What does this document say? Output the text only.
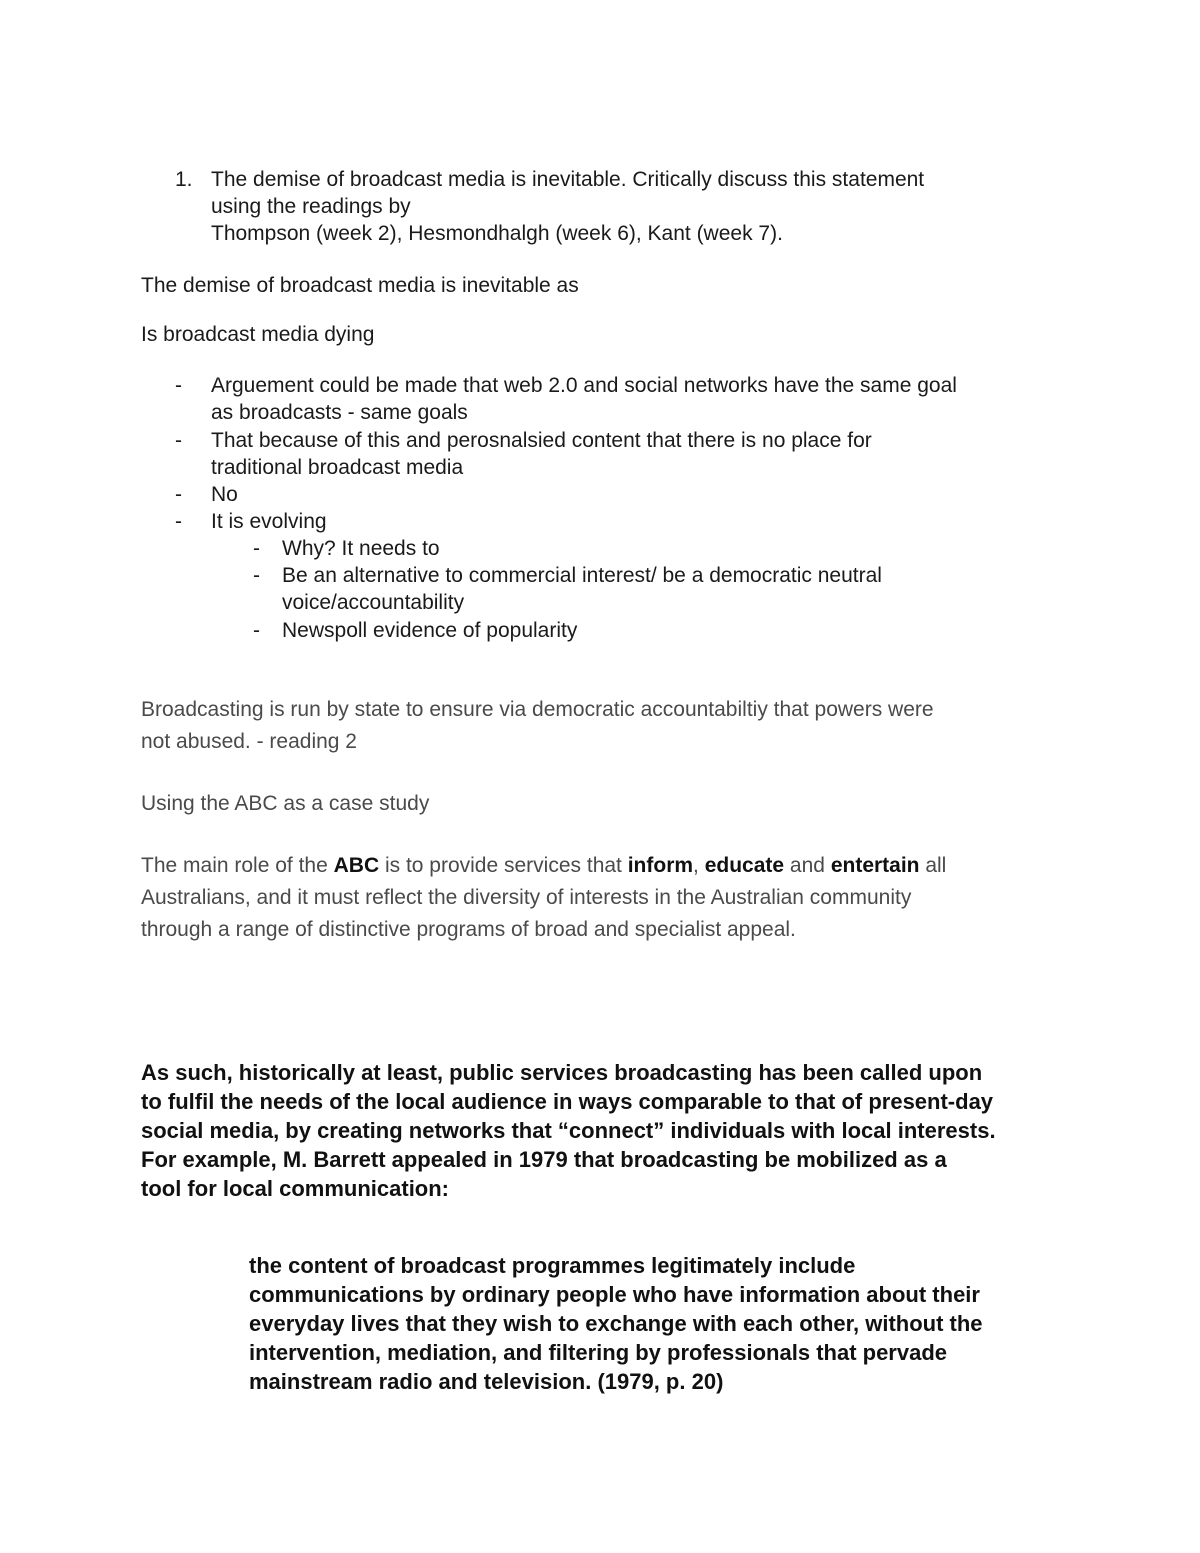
1. The demise of broadcast media is inevitable. Critically discuss this statement
using the readings by
Thompson (week 2), Hesmondhalgh (week 6), Kant (week 7).

The demise of broadcast media is inevitable as

Is broadcast media dying

-	Arguement could be made that web 2.0 and social networks have the same goal
as broadcasts - same goals
-	That because of this and perosnalsied content that there is no place for
traditional broadcast media
-	No
-	It is evolving
-	Why? It needs to
-	Be an alternative to commercial interest/ be a democratic neutral
voice/accountability
-	Newspoll evidence of popularity
Broadcasting is run by state to ensure via democratic accountabiltiy that powers were
not abused. - reading 2

Using the ABC as a case study

The main role of the ABC is to provide services that inform, educate and entertain all
Australians, and it must reflect the diversity of interests in the Australian community
through a range of distinctive programs of broad and specialist appeal.
As such, historically at least, public services broadcasting has been called upon
to fulfil the needs of the local audience in ways comparable to that of present-day
social media, by creating networks that “connect” individuals with local interests.
For example, M. Barrett appealed in 1979 that broadcasting be mobilized as a
tool for local communication:
the content of broadcast programmes legitimately include
communications by ordinary people who have information about their
everyday lives that they wish to exchange with each other, without the
intervention, mediation, and filtering by professionals that pervade
mainstream radio and television. (1979, p. 20)
